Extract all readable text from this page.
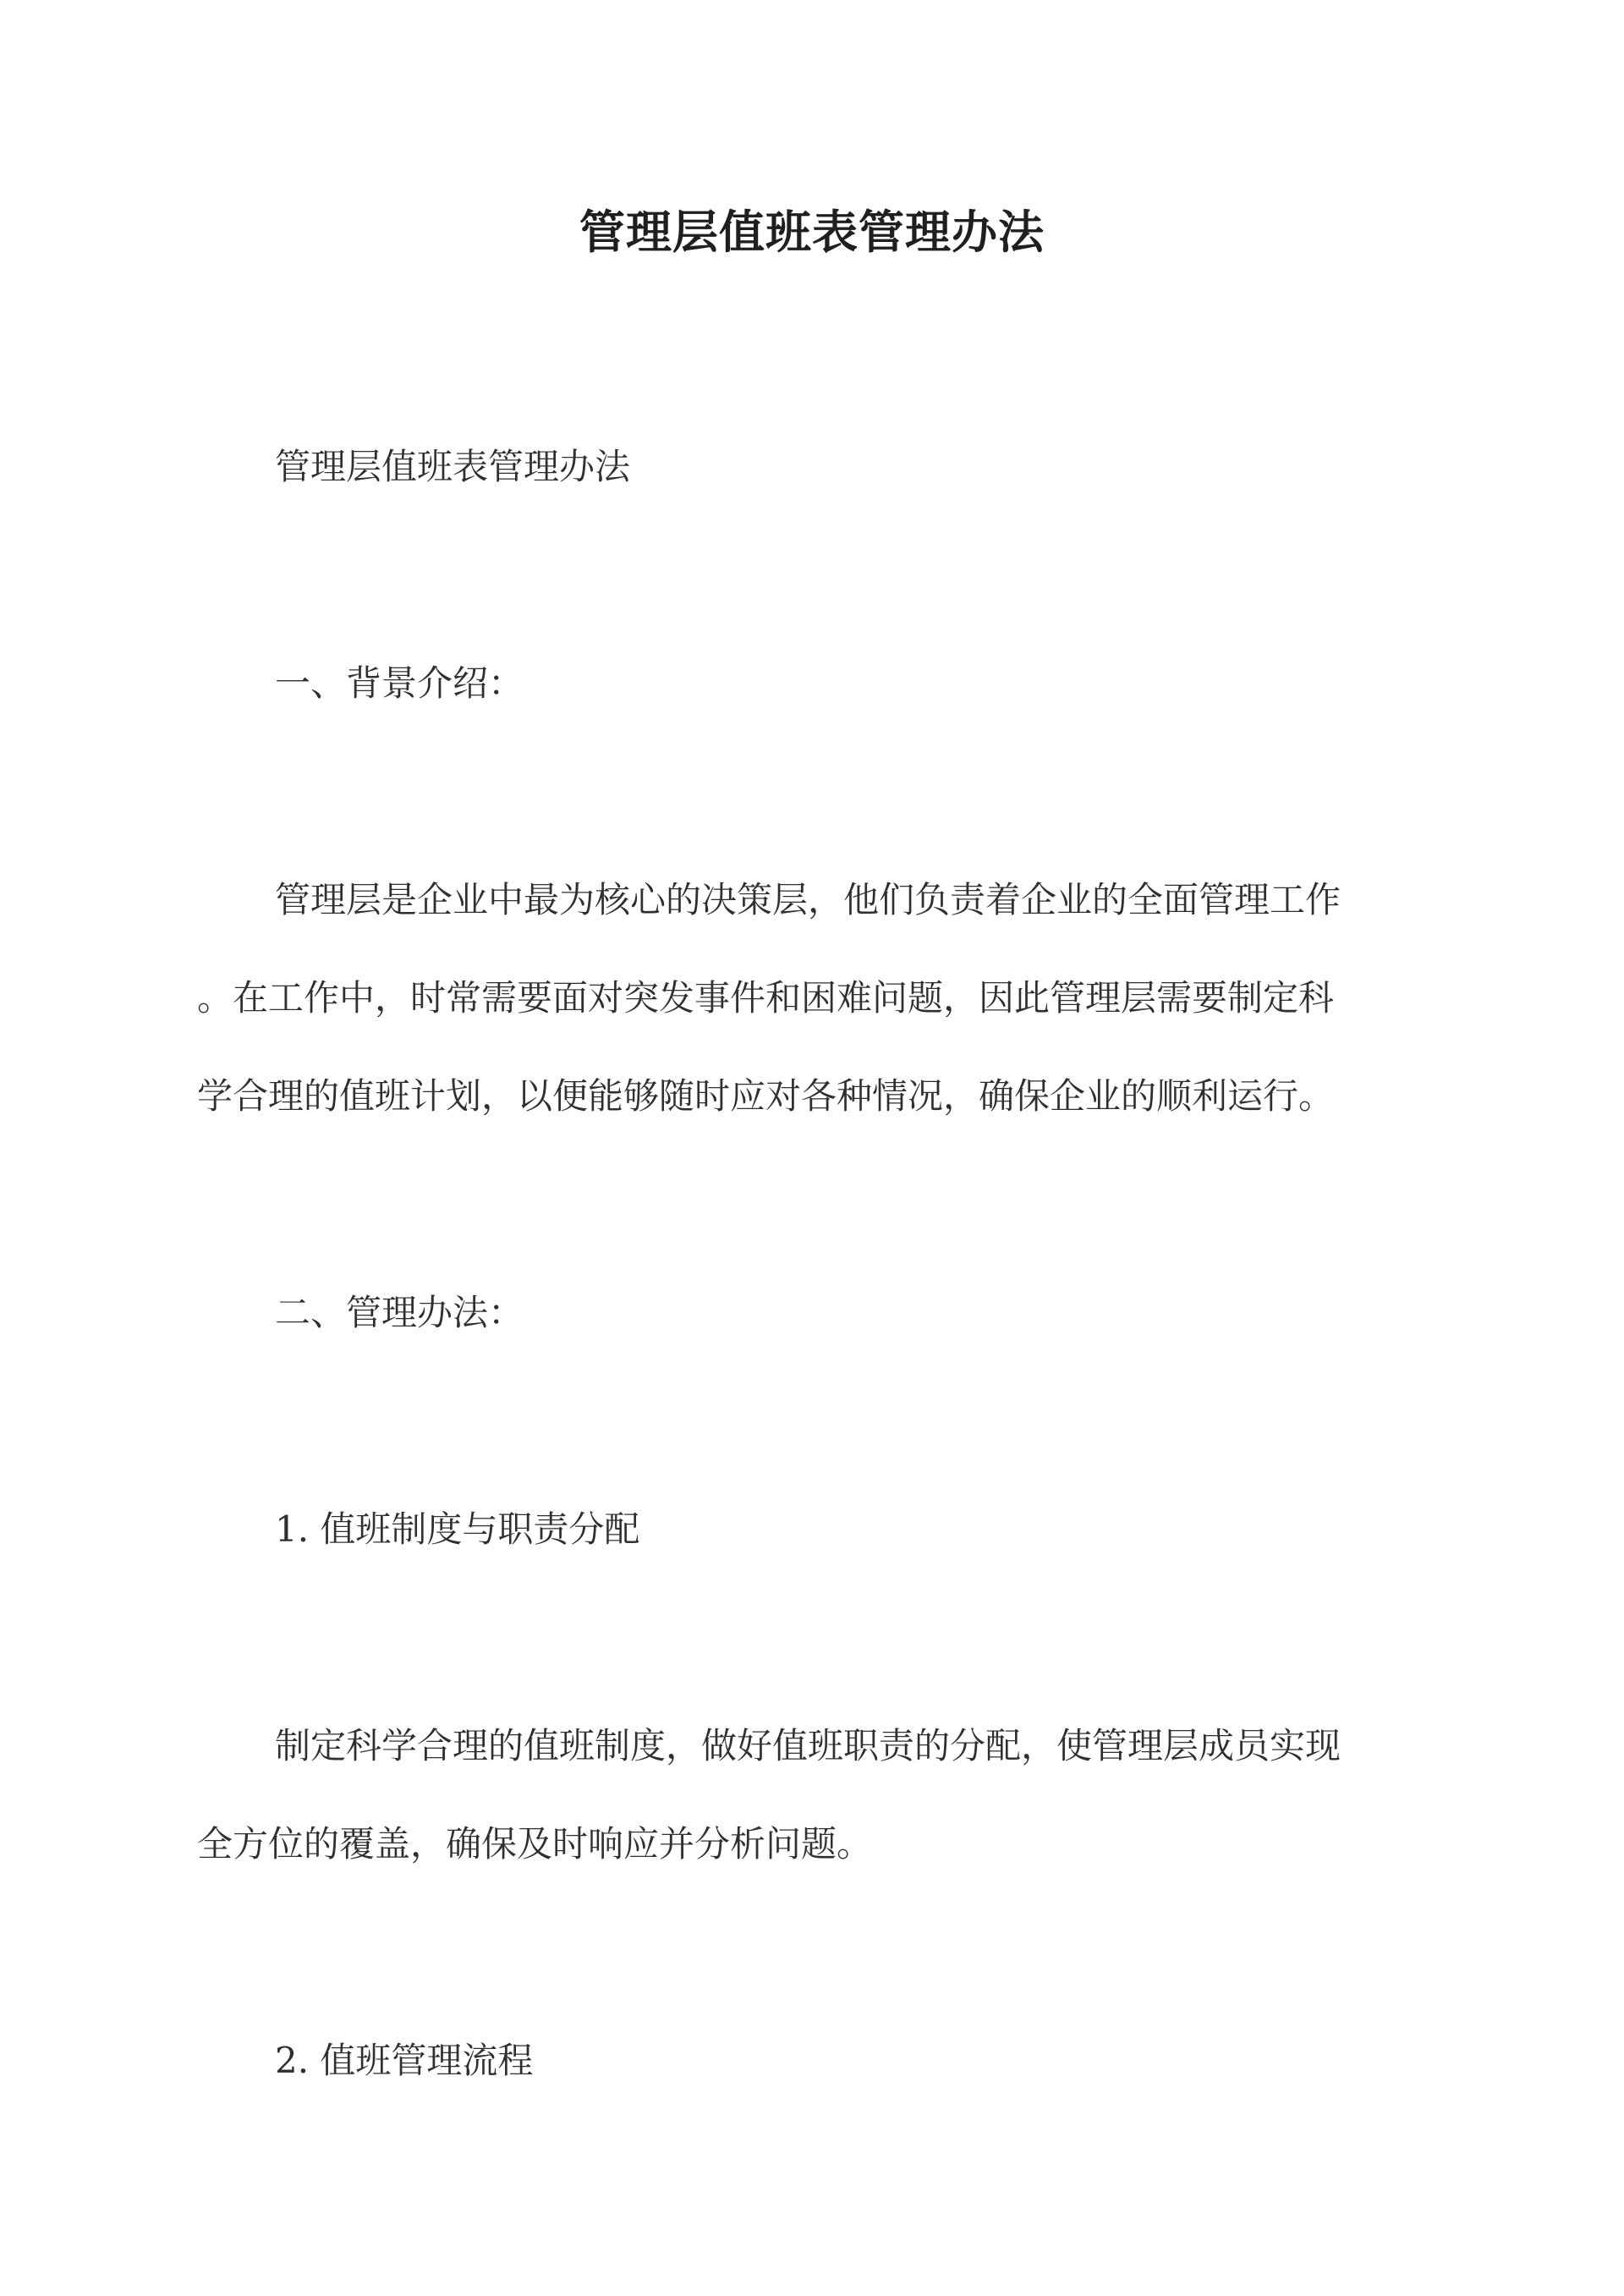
管理层值班表管理办法

管理层值班表管理办法

一、背景介绍：

管理层是企业中最为核心的决策层，他们负责着企业的全面管理工作

。在工作中，时常需要面对突发事件和困难问题，因此管理层需要制定科

学合理的值班计划，以便能够随时应对各种情况，确保企业的顺利运行。

二、管理办法：

1. 值班制度与职责分配

制定科学合理的值班制度，做好值班职责的分配，使管理层成员实现

全方位的覆盖，确保及时响应并分析问题。

2. 值班管理流程
